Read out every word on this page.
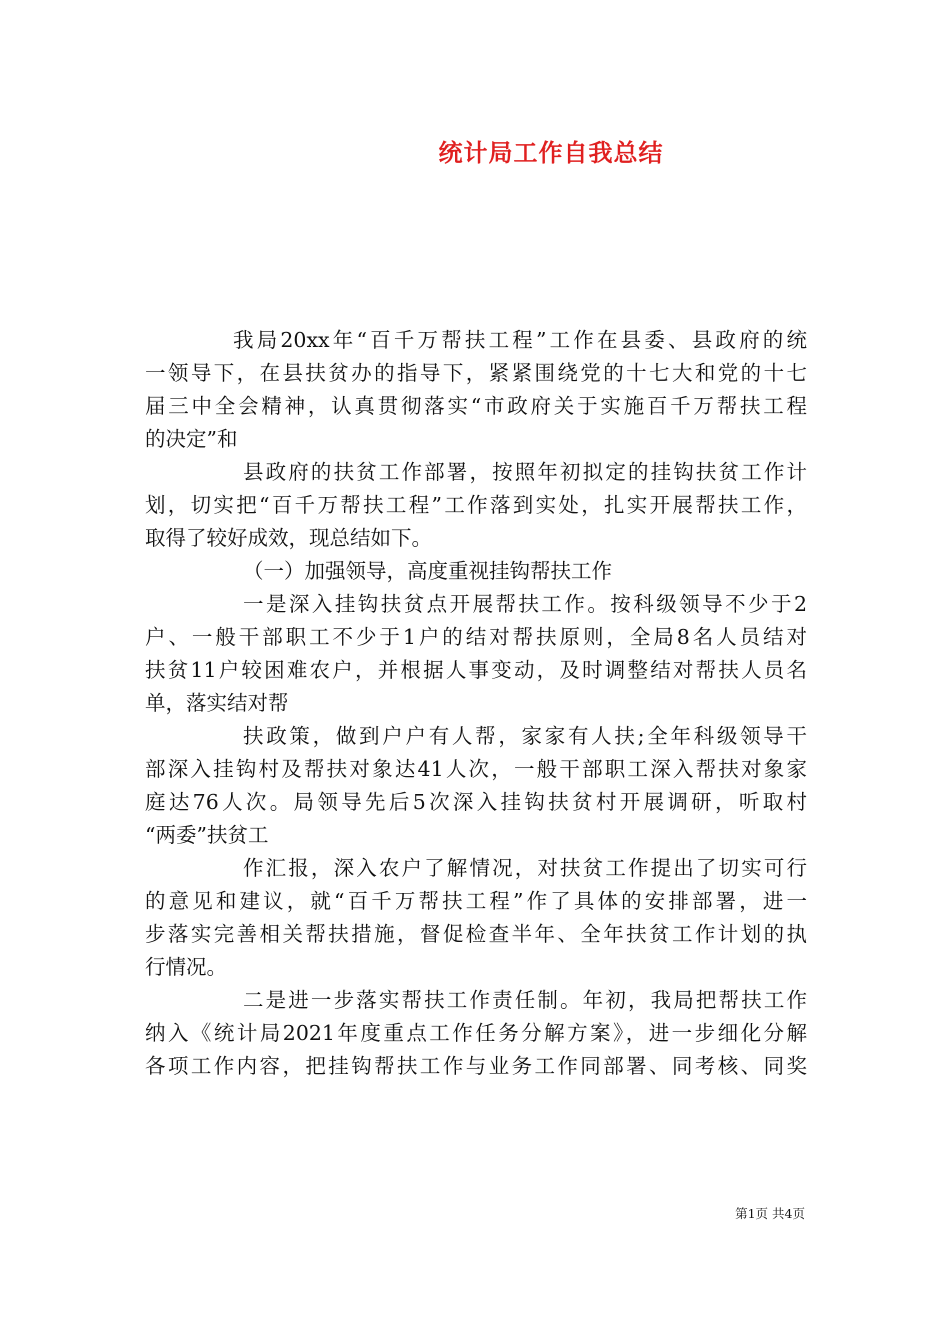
统计局工作自我总结
我局20xx年“百千万帮扶工程”工作在县委、县政府的统
一领导下，在县扶贫办的指导下，紧紧围绕党的十七大和党的十七
届三中全会精神，认真贯彻落实“市政府关于实施百千万帮扶工程
的决定”和
县政府的扶贫工作部署，按照年初拟定的挂钩扶贫工作计
划，切实把“百千万帮扶工程”工作落到实处，扎实开展帮扶工作，
取得了较好成效，现总结如下。
（一）加强领导，高度重视挂钩帮扶工作
一是深入挂钩扶贫点开展帮扶工作。按科级领导不少于2
户、一般干部职工不少于1户的结对帮扶原则，全局8名人员结对
扶贫11户较困难农户，并根据人事变动，及时调整结对帮扶人员名
单，落实结对帮
扶政策，做到户户有人帮，家家有人扶;全年科级领导干
部深入挂钩村及帮扶对象达41人次，一般干部职工深入帮扶对象家
庭达76人次。局领导先后5次深入挂钩扶贫村开展调研，听取村
“两委”扶贫工
作汇报，深入农户了解情况，对扶贫工作提出了切实可行
的意见和建议，就“百千万帮扶工程”作了具体的安排部署，进一
步落实完善相关帮扶措施，督促检查半年、全年扶贫工作计划的执
行情况。
二是进一步落实帮扶工作责任制。年初，我局把帮扶工作
纳入《统计局2021年度重点工作任务分解方案》，进一步细化分解
各项工作内容，把挂钩帮扶工作与业务工作同部署、同考核、同奖
第1页 共4页
